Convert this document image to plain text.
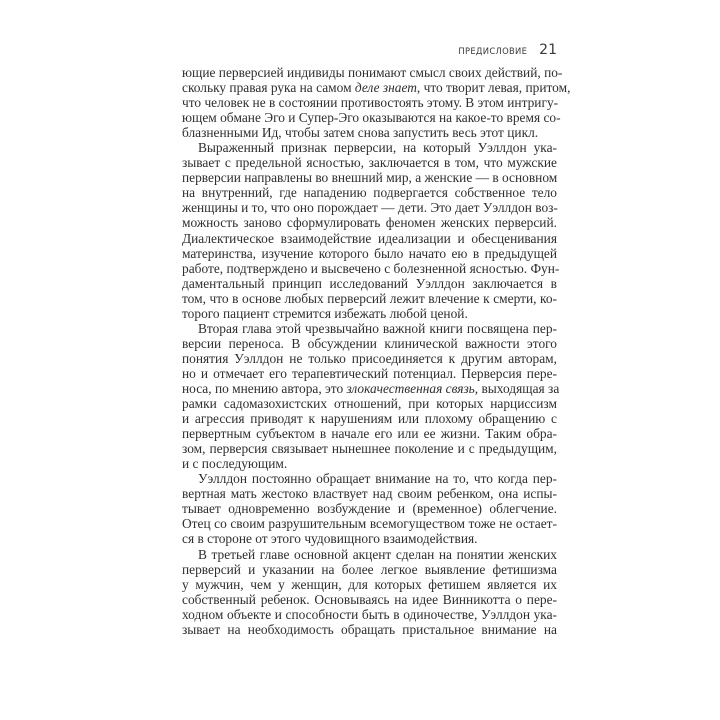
ПРЕДИСЛОВИЕ 21
ющие перверсией индивиды понимают смысл своих действий, по-
скольку правая рука на самом деле знает, что творит левая, притом,
что человек не в состоянии противостоять этому. В этом интригу-
ющем обмане Эго и Супер-Эго оказываются на какое-то время со-
блазненными Ид, чтобы затем снова запустить весь этот цикл.
Выраженный признак перверсии, на который Уэллдон ука-
зывает с предельной ясностью, заключается в том, что мужские
перверсии направлены во внешний мир, а женские — в основном
на внутренний, где нападению подвергается собственное тело
женщины и то, что оно порождает — дети. Это дает Уэллдон воз-
можность заново сформулировать феномен женских перверсий.
Диалектическое взаимодействие идеализации и обесценивания
материнства, изучение которого было начато ею в предыдущей
работе, подтверждено и высвечено с болезненной ясностью. Фун-
даментальный принцип исследований Уэллдон заключается в
том, что в основе любых перверсий лежит влечение к смерти, ко-
торого пациент стремится избежать любой ценой.
Вторая глава этой чрезвычайно важной книги посвящена пер-
версии переноса. В обсуждении клинической важности этого
понятия Уэллдон не только присоединяется к другим авторам,
но и отмечает его терапевтический потенциал. Перверсия пере-
носа, по мнению автора, это злокачественная связь, выходящая за
рамки садомазохистских отношений, при которых нарциссизм
и агрессия приводят к нарушениям или плохому обращению с
первертным субъектом в начале его или ее жизни. Таким обра-
зом, перверсия связывает нынешнее поколение и с предыдущим,
и с последующим.
Уэллдон постоянно обращает внимание на то, что когда пер-
вертная мать жестоко властвует над своим ребенком, она испы-
тывает одновременно возбуждение и (временное) облегчение.
Отец со своим разрушительным всемогуществом тоже не остает-
ся в стороне от этого чудовищного взаимодействия.
В третьей главе основной акцент сделан на понятии женских
перверсий и указании на более легкое выявление фетишизма
у мужчин, чем у женщин, для которых фетишем является их
собственный ребенок. Основываясь на идее Винникотта о пере-
ходном объекте и способности быть в одиночестве, Уэллдон ука-
зывает на необходимость обращать пристальное внимание на
